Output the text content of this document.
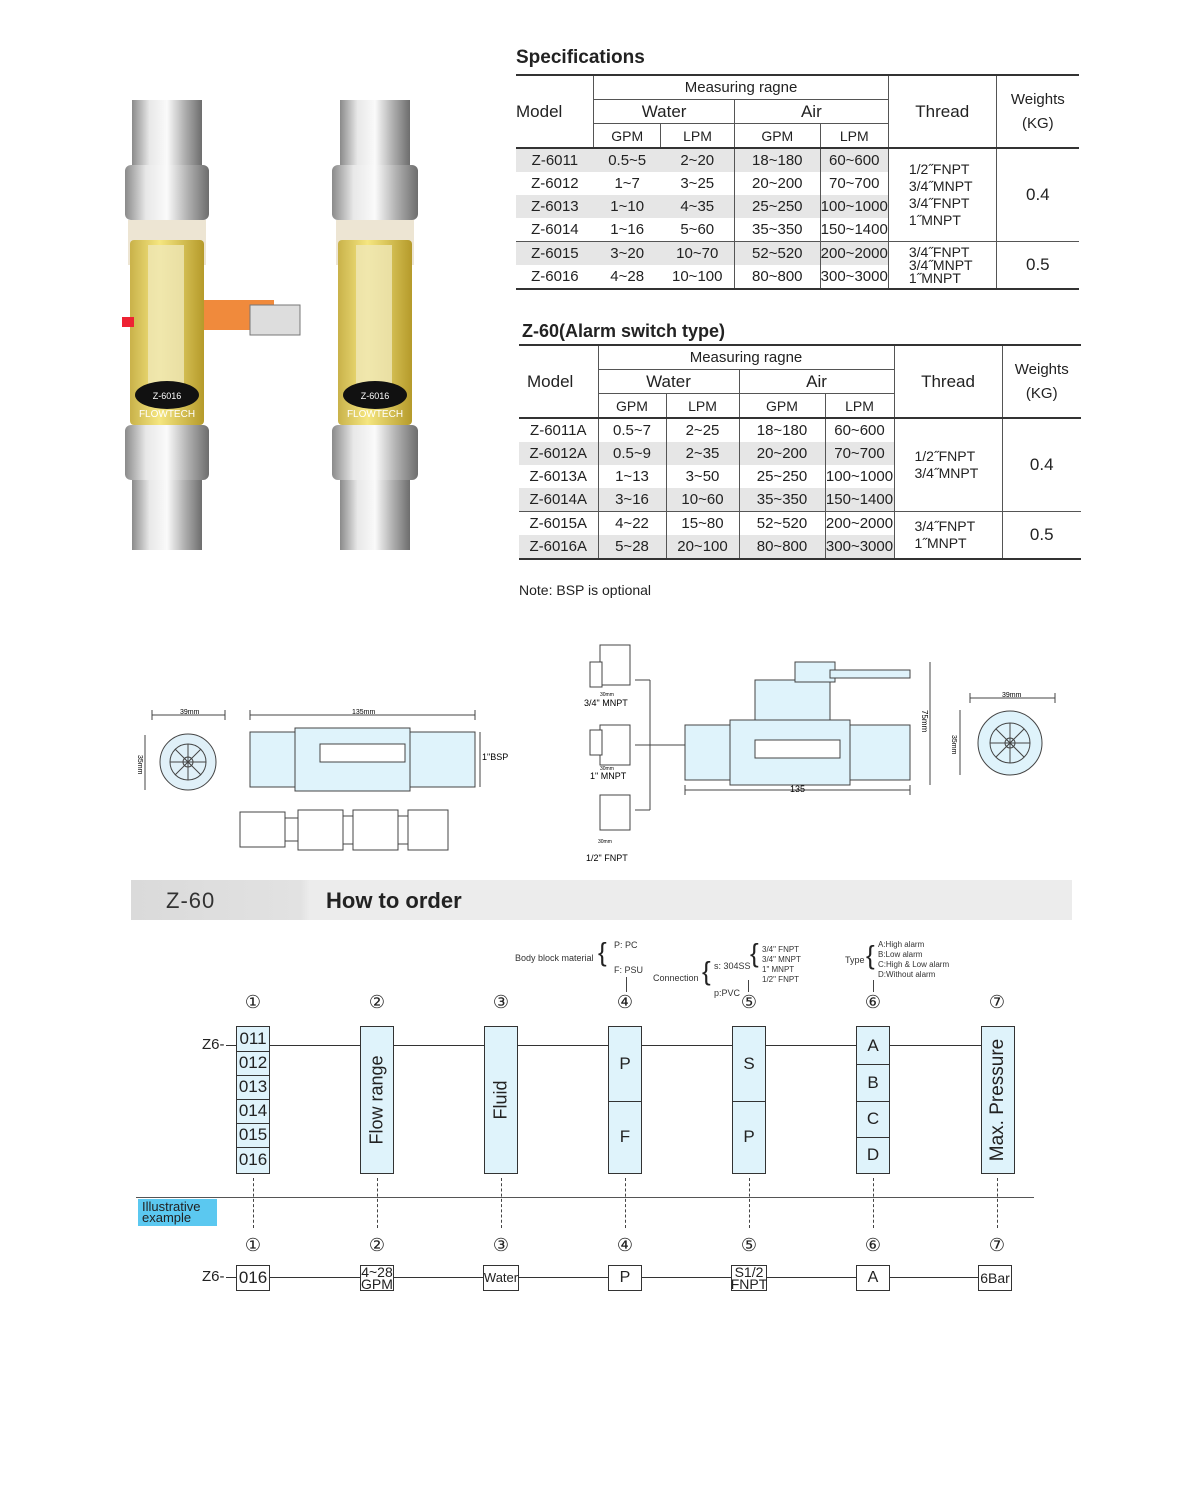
Z-6016
FLOWTECH
Z-6016
FLOWTECH
Specifications
Model	Measuring ragne				Thread	Weights
(KG)
	Water		Air			
	GPM	LPM	GPM	LPM		
Z-6011	0.5~5	2~20	18~180	60~600	1/2˝FNPT
3/4˝MNPT
3/4˝FNPT
1˝MNPT	0.4
Z-6012	1~7	3~25	20~200	70~700		
Z-6013	1~10	4~35	25~250	100~1000		
Z-6014	1~16	5~60	35~350	150~1400		
Z-6015	3~20	10~70	52~520	200~2000	3/4˝FNPT
3/4˝MNPT
1˝MNPT	0.5
Z-6016	4~28	10~100	80~800	300~3000		
Z-60(Alarm switch type)
Model	Measuring ragne				Thread	Weights
(KG)
	Water		Air			
	GPM	LPM	GPM	LPM		
Z-6011A	0.5~7	2~25	18~180	60~600	1/2˝FNPT
3/4˝MNPT	0.4
Z-6012A	0.5~9	2~35	20~200	70~700		
Z-6013A	1~13	3~50	25~250	100~1000		
Z-6014A	3~16	10~60	35~350	150~1400		
Z-6015A	4~22	15~80	52~520	200~2000	3/4˝FNPT
1˝MNPT	0.5
Z-6016A	5~28	20~100	80~800	300~3000		
Note: BSP is optional
39mm
35mm
135mm
1"BSP
30mm
3/4" MNPT
30mm
1" MNPT
30mm
1/2" FNPT
135
75mm
39mm
35mm
Z-60	How to order
Body block material { P: PC
F: PSU
Connection { s: 304SS
p:PVC
{ 3/4" FNPT
3/4" MNPT
1" MNPT
1/2" FNPT
Type { A:High alarm
B:Low alarm
C:High & Low alarm
D:Without alarm
①	②	③	④	⑤	⑥	⑦
Z6- 011
012
013
014
015
016
Flow range	Fluid
P
F
S
P
A
B
C
D	Max. Pressure
Illustrative example
①	②	③	④	⑤	⑥	⑦
Z6- 016	4~28
GPM	Water	P	S1/2
FNPT	A	6Bar
